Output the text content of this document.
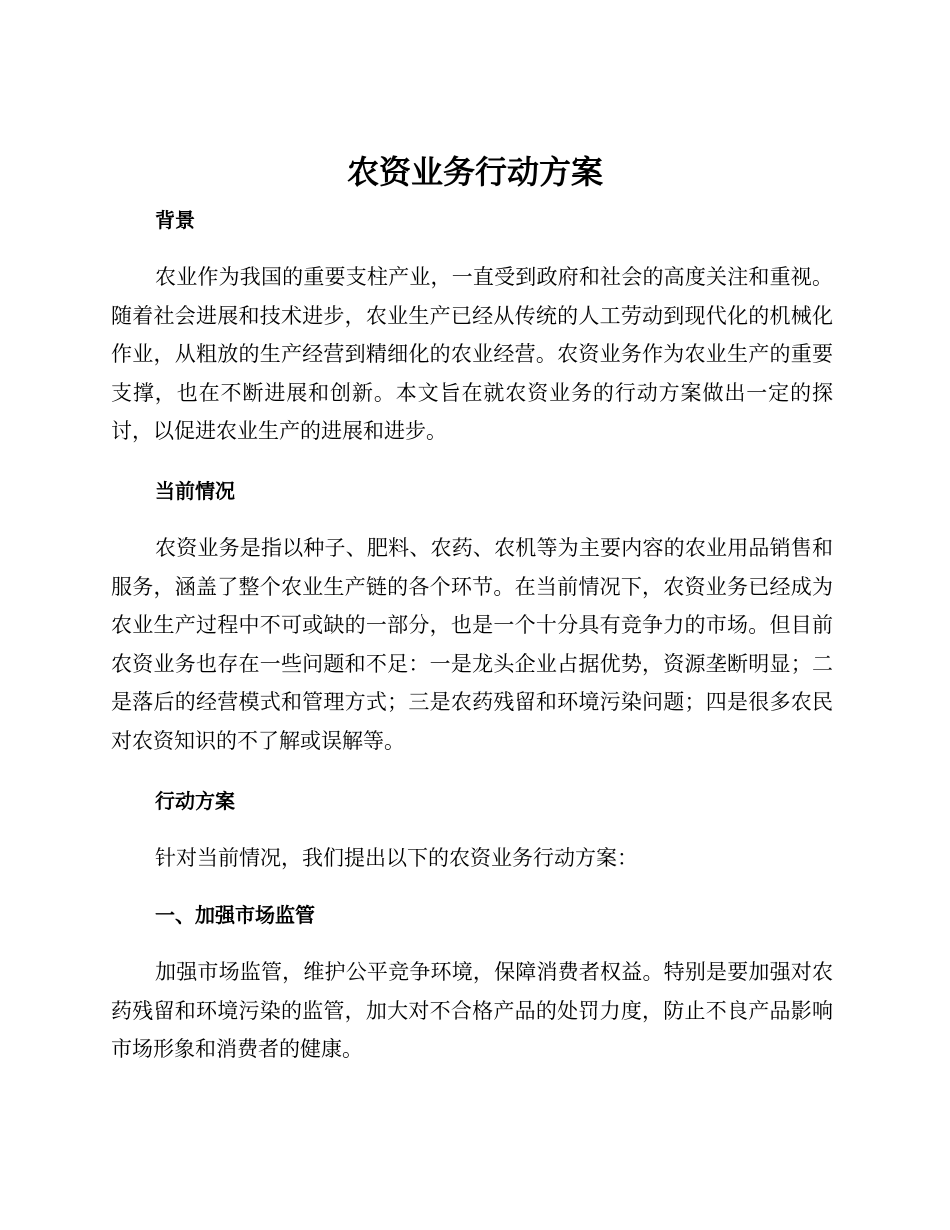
农资业务行动方案
背景

农业作为我国的重要支柱产业，一直受到政府和社会的高度关注和重视。随着社会进展和技术进步，农业生产已经从传统的人工劳动到现代化的机械化作业，从粗放的生产经营到精细化的农业经营。农资业务作为农业生产的重要支撑，也在不断进展和创新。本文旨在就农资业务的行动方案做出一定的探讨，以促进农业生产的进展和进步。

当前情况

农资业务是指以种子、肥料、农药、农机等为主要内容的农业用品销售和服务，涵盖了整个农业生产链的各个环节。在当前情况下，农资业务已经成为农业生产过程中不可或缺的一部分，也是一个十分具有竞争力的市场。但目前农资业务也存在一些问题和不足：一是龙头企业占据优势，资源垄断明显；二是落后的经营模式和管理方式；三是农药残留和环境污染问题；四是很多农民对农资知识的不了解或误解等。

行动方案

针对当前情况，我们提出以下的农资业务行动方案：

一、加强市场监管

加强市场监管，维护公平竞争环境，保障消费者权益。特别是要加强对农药残留和环境污染的监管，加大对不合格产品的处罚力度，防止不良产品影响市场形象和消费者的健康。
